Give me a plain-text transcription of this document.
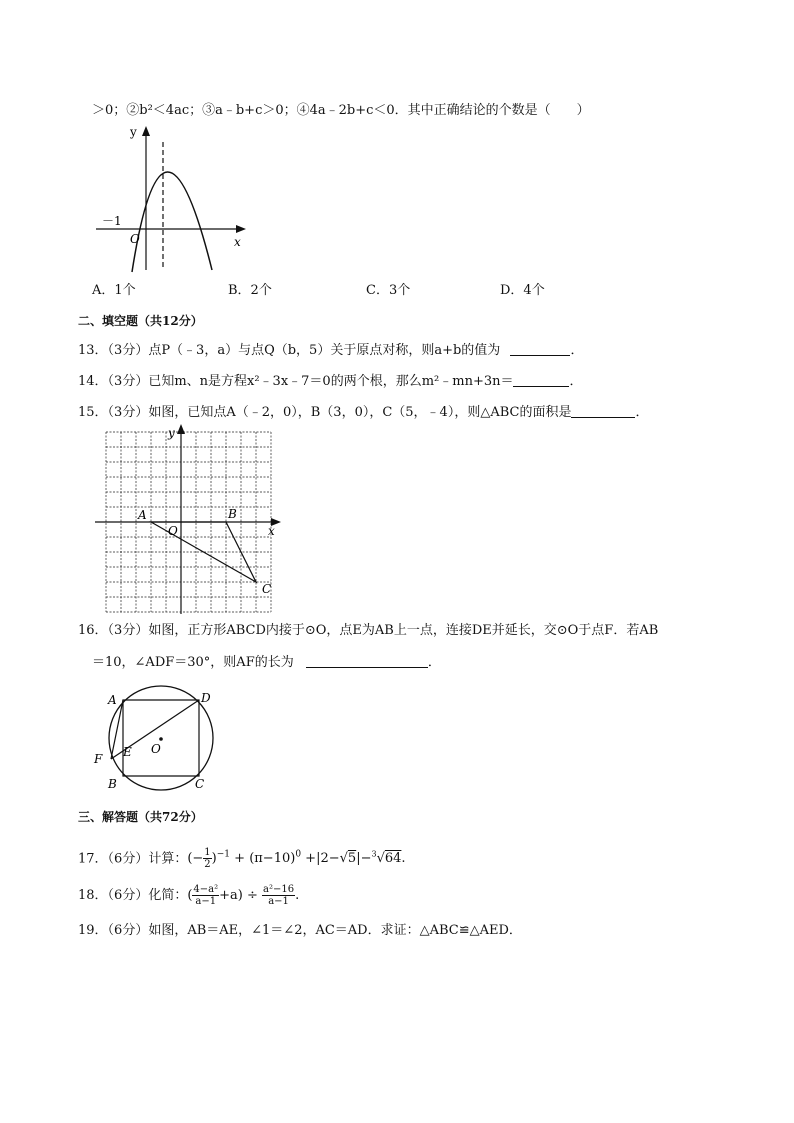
＞0；②b²＜4ac；③a﹣b+c＞0；④4a﹣2b+c＜0．其中正确结论的个数是（　　）
y
x
O
－1
A．1个	B．2个	C．3个	D．4个
二、填空题（共12分）
13．（3分）点P（﹣3，a）与点Q（b，5）关于原点对称，则a+b的值为	．
14．（3分）已知m、n是方程x²﹣3x﹣7＝0的两个根，那么m²﹣mn+3n＝	．
15．（3分）如图，已知点A（﹣2，0），B（3，0），C（5，﹣4），则△ABC的面积是	．
y
x
O
A	B
C
16．（3分）如图，正方形ABCD内接于⊙O，点E为AB上一点，连接DE并延长，交⊙O于点F．若AB
＝10，∠ADF＝30°，则AF的长为	．
A	D
E O
F
B	C
三、解答题（共72分）
17．（6分）计算：(− $\frac{1}{2} )^{-1} + (\pi-10)^0 +|2-√5|-^3√64$.
18．（6分）化简：( $\frac{\text{4−a²}}{a-1} +a) \div \frac{\text{a²−16}}{a-1}$ .
19．（6分）如图，AB＝AE，∠1＝∠2，AC＝AD．求证：△ABC≌△AED．
